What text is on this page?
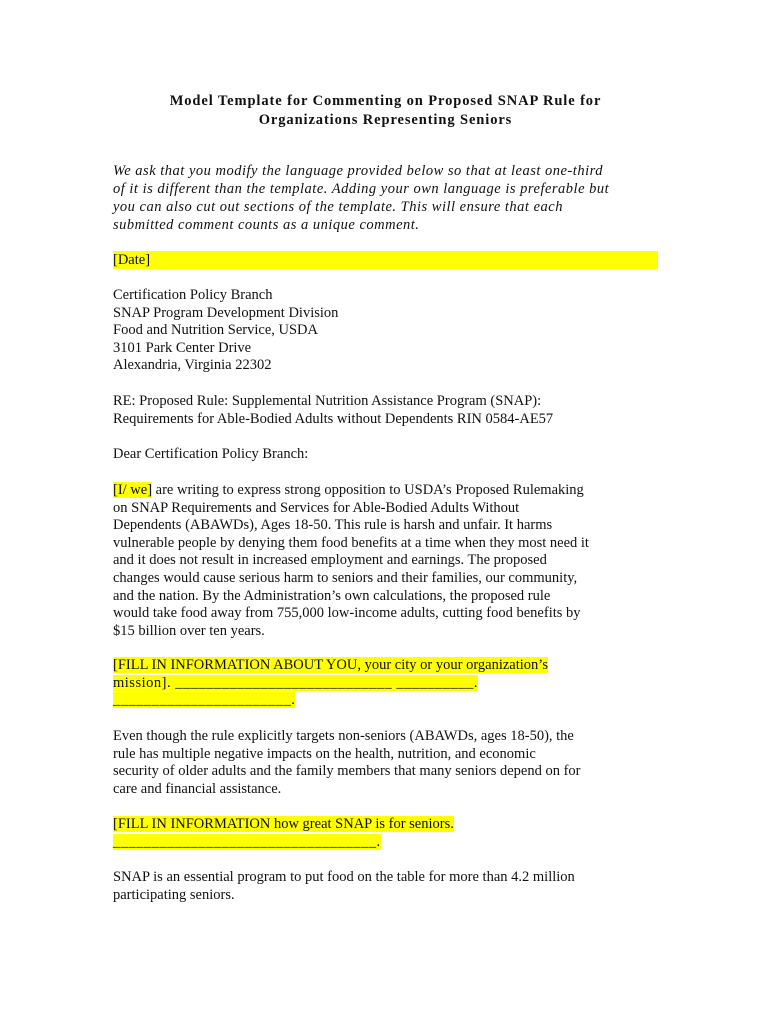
Model Template for Commenting on Proposed SNAP Rule for
Organizations Representing Seniors
We ask that you modify the language provided below so that at least one-third
of it is different than the template. Adding your own language is preferable but
you can also cut out sections of the template. This will ensure that each
submitted comment counts as a unique comment.
[Date]
Certification Policy Branch
SNAP Program Development Division
Food and Nutrition Service, USDA
3101 Park Center Drive
Alexandria, Virginia 22302
RE: Proposed Rule: Supplemental Nutrition Assistance Program (SNAP):
Requirements for Able-Bodied Adults without Dependents RIN 0584-AE57
Dear Certification Policy Branch:
[I/ we] are writing to express strong opposition to USDA’s Proposed Rulemaking
on SNAP Requirements and Services for Able-Bodied Adults Without
Dependents (ABAWDs), Ages 18-50. This rule is harsh and unfair. It harms
vulnerable people by denying them food benefits at a time when they most need it
and it does not result in increased employment and earnings. The proposed
changes would cause serious harm to seniors and their families, our community,
and the nation. By the Administration’s own calculations, the proposed rule
would take food away from 755,000 low-income adults, cutting food benefits by
$15 billion over ten years.
[FILL IN INFORMATION ABOUT YOU, your city or your organization’s
mission]. ____________________________ __________.
_______________________.
Even though the rule explicitly targets non-seniors (ABAWDs, ages 18-50), the
rule has multiple negative impacts on the health, nutrition, and economic
security of older adults and the family members that many seniors depend on for
care and financial assistance.
[FILL IN INFORMATION how great SNAP is for seniors.
__________________________________.
SNAP is an essential program to put food on the table for more than 4.2 million
participating seniors.
